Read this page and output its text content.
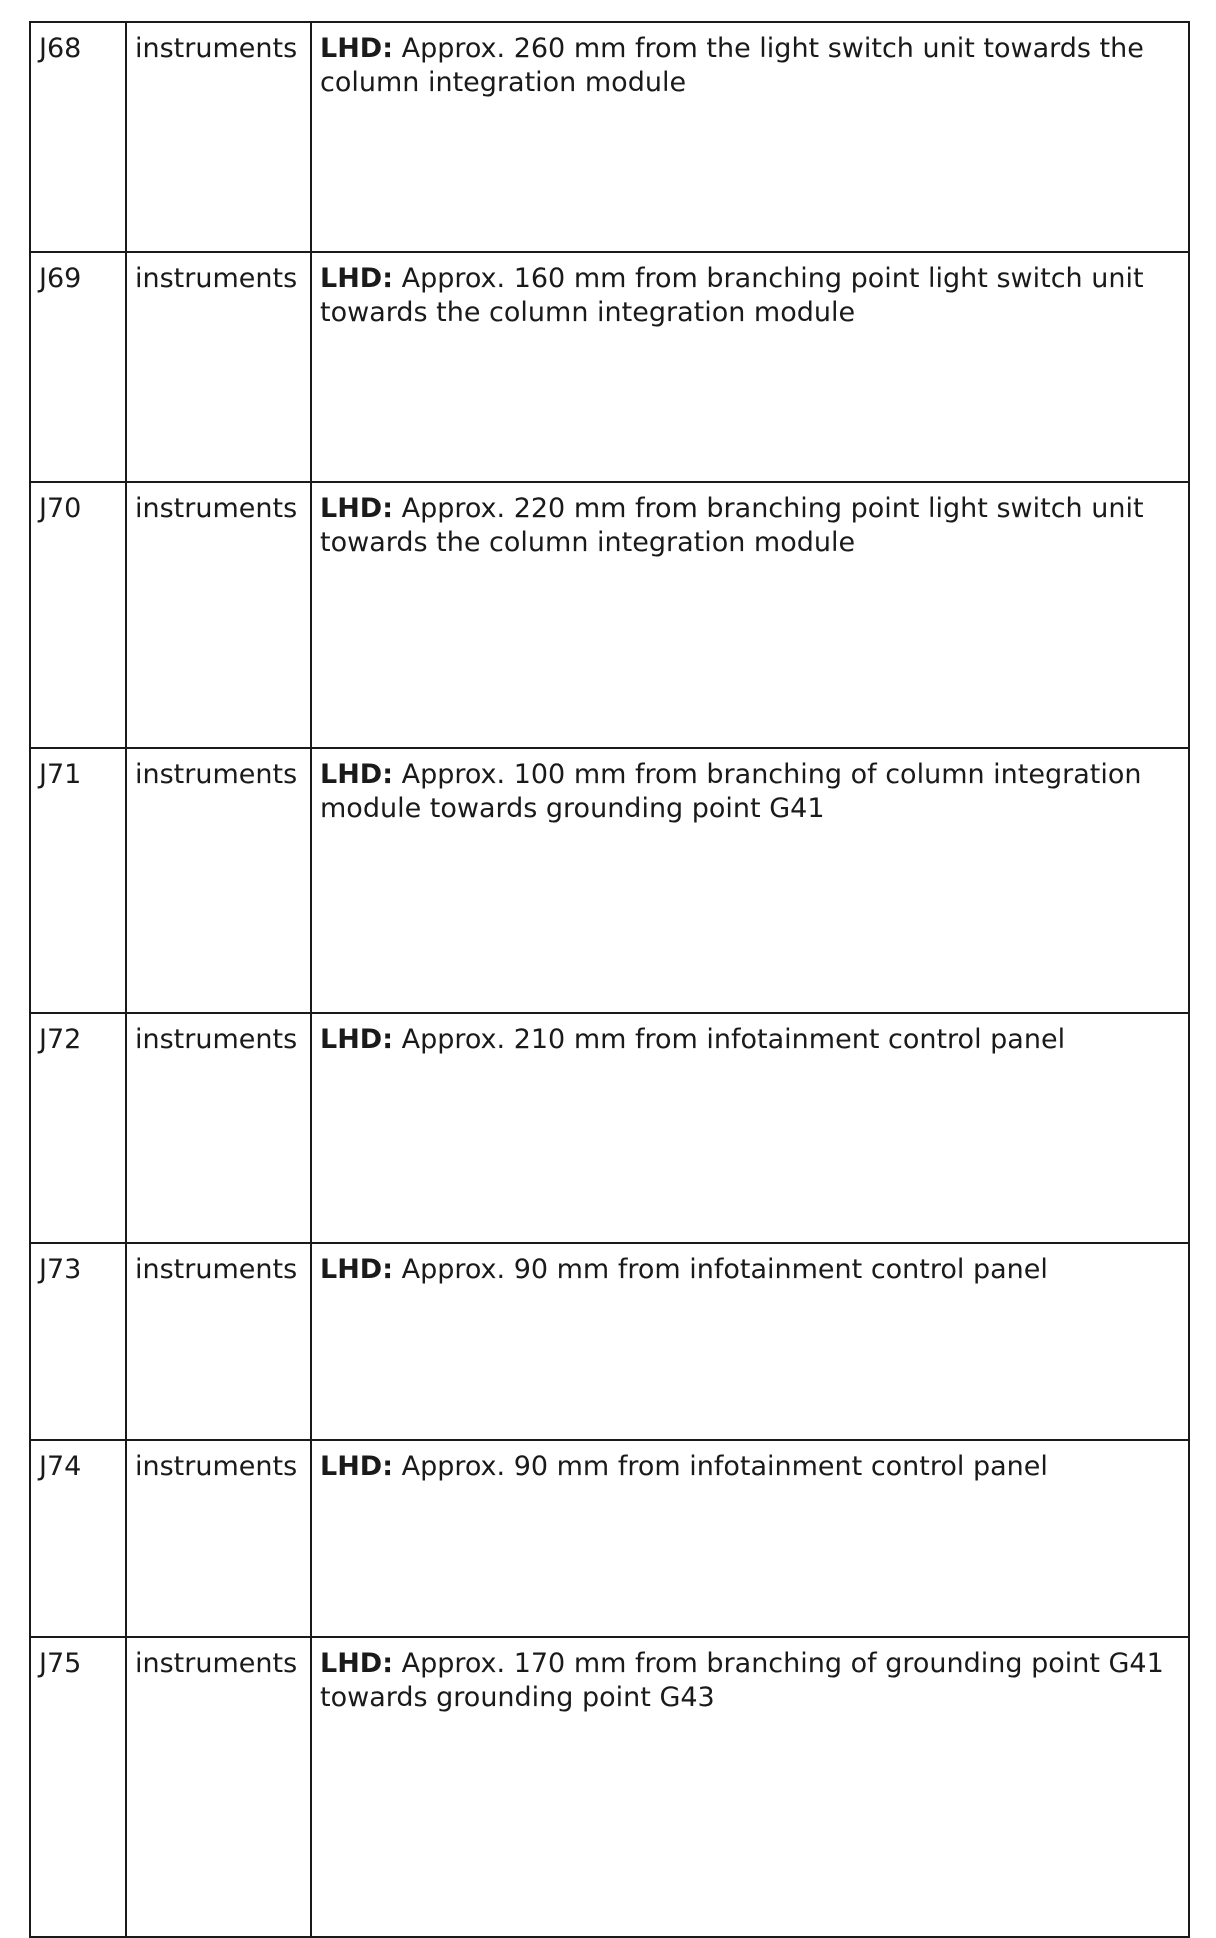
J68	instruments	LHD: Approx. 260 mm from the light switch unit towards the column integration module
J69	instruments	LHD: Approx. 160 mm from branching point light switch unit towards the column integration module
J70	instruments	LHD: Approx. 220 mm from branching point light switch unit towards the column integration module
J71	instruments	LHD: Approx. 100 mm from branching of column integration module towards grounding point G41
J72	instruments	LHD: Approx. 210 mm from infotainment control panel
J73	instruments	LHD: Approx. 90 mm from infotainment control panel
J74	instruments	LHD: Approx. 90 mm from infotainment control panel
J75	instruments	LHD: Approx. 170 mm from branching of grounding point G41 towards grounding point G43
